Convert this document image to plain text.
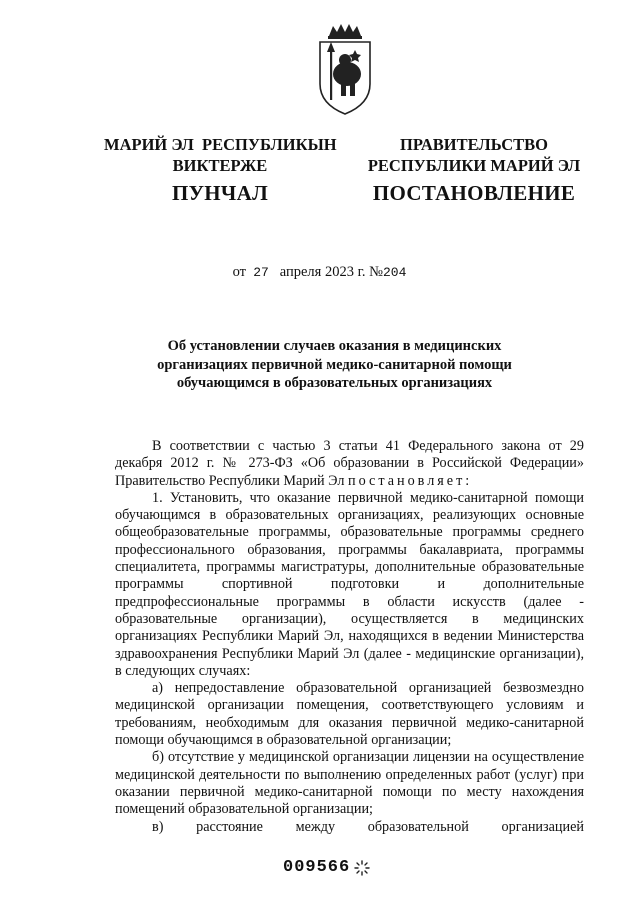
МАРИЙ ЭЛ  РЕСПУБЛИКЫН
ВИКТЕРЖЕ
ПУНЧАЛ
ПРАВИТЕЛЬСТВО
РЕСПУБЛИКИ МАРИЙ ЭЛ
ПОСТАНОВЛЕНИЕ
от 27 апреля 2023 г. №204
Об установлении случаев оказания в медицинских
организациях первичной медико-санитарной помощи
обучающимся в образовательных организациях

В соответствии с частью 3 статьи 41 Федерального закона от 29 декабря 2012 г. № 273-ФЗ «Об образовании в Российской Федерации» Правительство Республики Марий Эл постановляет:

1. Установить, что оказание первичной медико-санитарной помощи обучающимся в образовательных организациях, реализующих основные общеобразовательные программы, образовательные программы среднего профессионального образования, программы бакалавриата, программы специалитета, программы магистратуры, дополнительные образовательные программы спортивной подготовки и дополнительные предпрофессиональные программы в области искусств (далее - образовательные организации), осуществляется в медицинских организациях Республики Марий Эл, находящихся в ведении Министерства здравоохранения Республики Марий Эл (далее - медицинские организации), в следующих случаях:

а) непредоставление образовательной организацией безвозмездно медицинской организации помещения, соответствующего условиям и требованиям, необходимым для оказания первичной медико-санитарной помощи обучающимся в образовательной организации;

б) отсутствие у медицинской организации лицензии на осуществление медицинской деятельности по выполнению определенных работ (услуг) при оказании первичной медико-санитарной помощи по месту нахождения помещений образовательной организации;

в) расстояние между образовательной организацией

009566
